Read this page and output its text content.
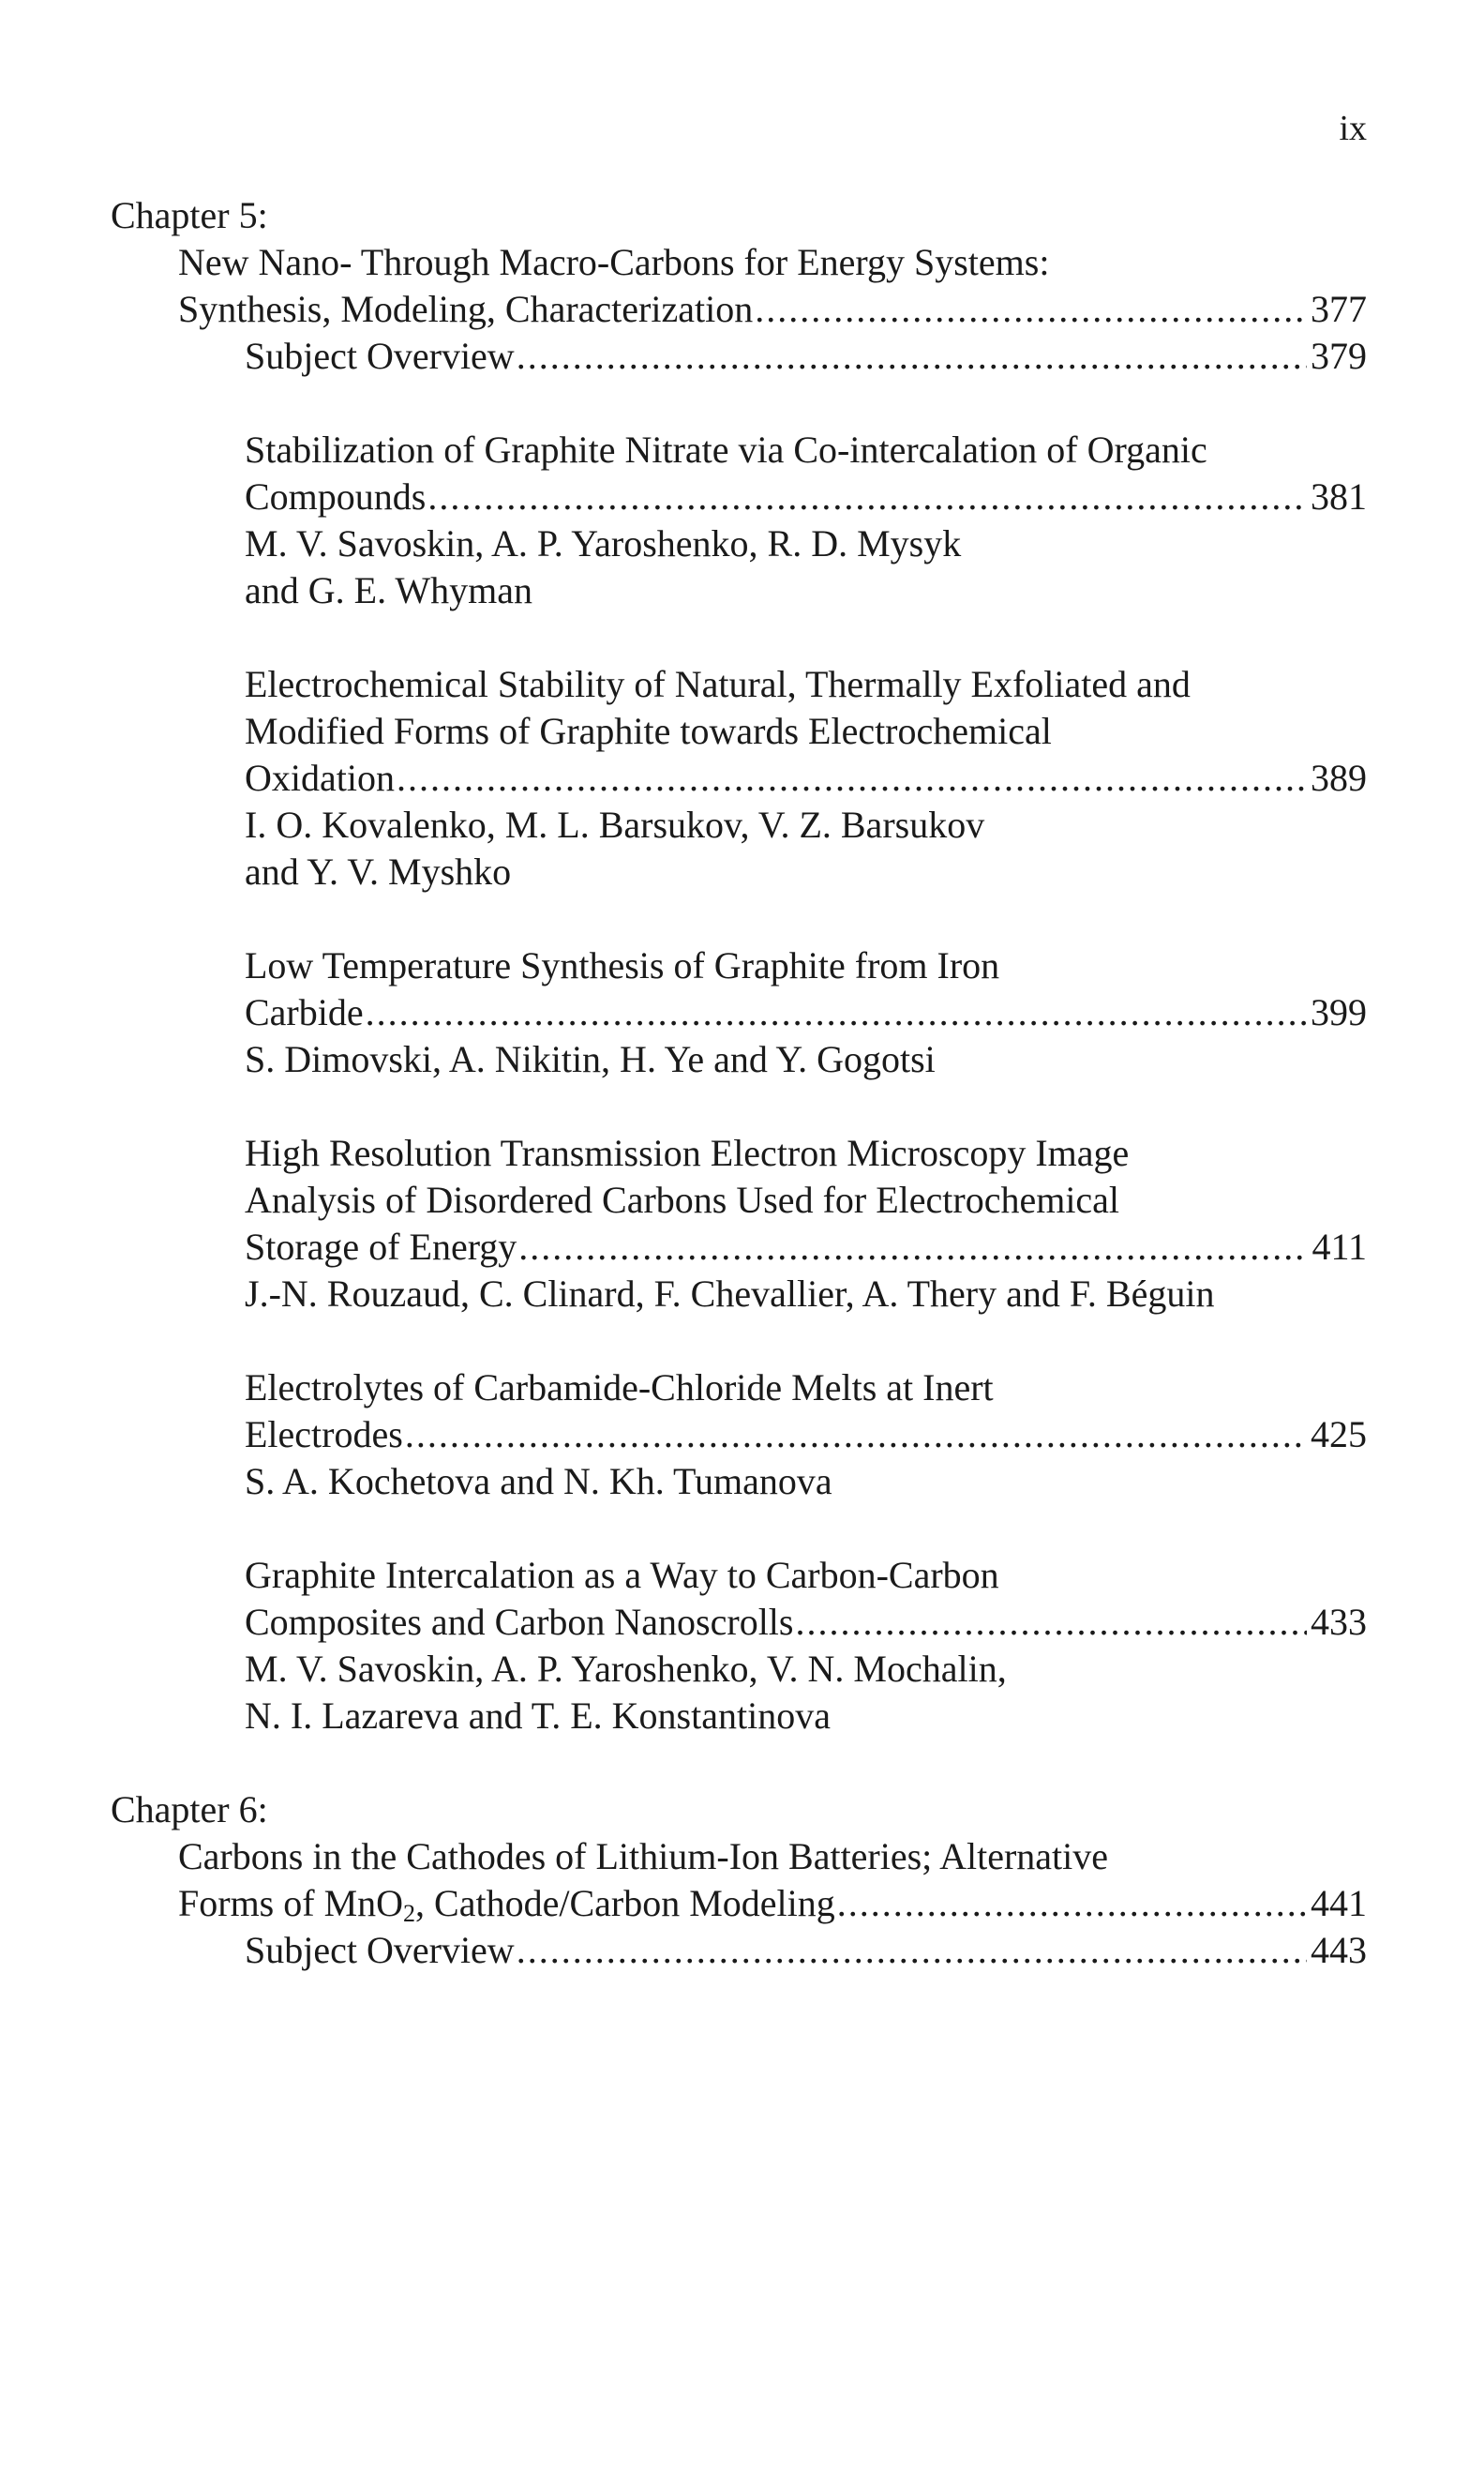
ix
Chapter 5:
New Nano- Through Macro-Carbons for Energy Systems:
Synthesis, Modeling, Characterization . . .	377
Subject Overview . . .	379
Stabilization of Graphite Nitrate via Co-intercalation of Organic
Compounds . . .	381
M. V. Savoskin, A. P. Yaroshenko, R. D. Mysyk
and G. E. Whyman
Electrochemical Stability of Natural, Thermally Exfoliated and
Modified Forms of Graphite towards Electrochemical
Oxidation . . .	389
I. O. Kovalenko, M. L. Barsukov, V. Z. Barsukov
and Y. V. Myshko
Low Temperature Synthesis of Graphite from Iron
Carbide . . .	399
S. Dimovski, A. Nikitin, H. Ye and Y. Gogotsi
High Resolution Transmission Electron Microscopy Image
Analysis of Disordered Carbons Used for Electrochemical
Storage of Energy . . .	411
J.-N. Rouzaud, C. Clinard, F. Chevallier, A. Thery and F. Béguin
Electrolytes of Carbamide-Chloride Melts at Inert
Electrodes . . .	425
S. A. Kochetova and N. Kh. Tumanova
Graphite Intercalation as a Way to Carbon-Carbon
Composites and Carbon Nanoscrolls . . .	433
M. V. Savoskin, A. P. Yaroshenko, V. N. Mochalin,
N. I. Lazareva and T. E. Konstantinova
Chapter 6:
Carbons in the Cathodes of Lithium-Ion Batteries; Alternative
Forms of MnO$_2$, Cathode/Carbon Modeling . . .	441
Subject Overview . . .	443
